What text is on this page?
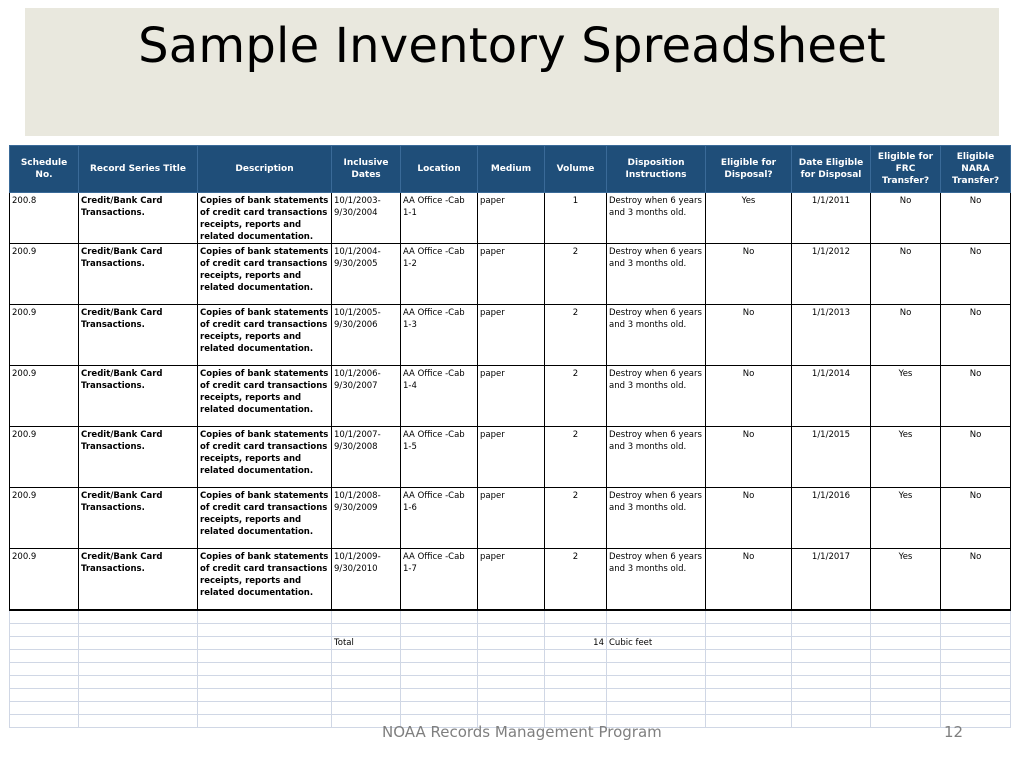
Sample Inventory Spreadsheet
Schedule No.	Record Series Title	Description	Inclusive Dates	Location	Medium	Volume	Disposition Instructions	Eligible for Disposal?	Date Eligible for Disposal	Eligible for FRC Transfer?	Eligible NARA Transfer?
200.8	Credit/Bank Card Transactions.	Copies of bank statements of credit card transactions receipts, reports and related documentation.	10/1/2003-9/30/2004	AA Office -Cab 1-1	paper	1	Destroy when 6 years and 3 months old.	Yes	1/1/2011	No	No
200.9	Credit/Bank Card Transactions.	Copies of bank statements of credit card transactions receipts, reports and related documentation.	10/1/2004-9/30/2005	AA Office -Cab 1-2	paper	2	Destroy when 6 years and 3 months old.	No	1/1/2012	No	No
200.9	Credit/Bank Card Transactions.	Copies of bank statements of credit card transactions receipts, reports and related documentation.	10/1/2005-9/30/2006	AA Office -Cab 1-3	paper	2	Destroy when 6 years and 3 months old.	No	1/1/2013	No	No
200.9	Credit/Bank Card Transactions.	Copies of bank statements of credit card transactions receipts, reports and related documentation.	10/1/2006-9/30/2007	AA Office -Cab 1-4	paper	2	Destroy when 6 years and 3 months old.	No	1/1/2014	Yes	No
200.9	Credit/Bank Card Transactions.	Copies of bank statements of credit card transactions receipts, reports and related documentation.	10/1/2007-9/30/2008	AA Office -Cab 1-5	paper	2	Destroy when 6 years and 3 months old.	No	1/1/2015	Yes	No
200.9	Credit/Bank Card Transactions.	Copies of bank statements of credit card transactions receipts, reports and related documentation.	10/1/2008-9/30/2009	AA Office -Cab 1-6	paper	2	Destroy when 6 years and 3 months old.	No	1/1/2016	Yes	No
200.9	Credit/Bank Card Transactions.	Copies of bank statements of credit card transactions receipts, reports and related documentation.	10/1/2009-9/30/2010	AA Office -Cab 1-7	paper	2	Destroy when 6 years and 3 months old.	No	1/1/2017	Yes	No

			Total			14	Cubic feet				

NOAA Records Management Program	12
